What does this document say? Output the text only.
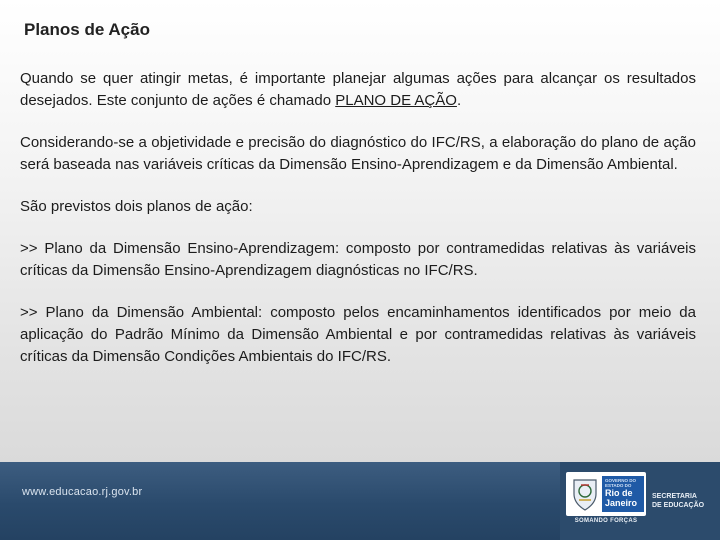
Planos de Ação

Quando se quer atingir metas, é importante planejar algumas ações para alcançar os resultados desejados. Este conjunto de ações é chamado PLANO DE AÇÃO.

Considerando-se a objetividade e precisão do diagnóstico do IFC/RS, a elaboração do plano de ação será baseada nas variáveis críticas da Dimensão Ensino-Aprendizagem e da Dimensão Ambiental.

São previstos dois planos de ação:

>> Plano da Dimensão Ensino-Aprendizagem: composto por contramedidas relativas às variáveis críticas da Dimensão Ensino-Aprendizagem diagnósticas no IFC/RS.

>> Plano da Dimensão Ambiental: composto pelos encaminhamentos identificados por meio da aplicação do Padrão Mínimo da Dimensão Ambiental e por contramedidas relativas às variáveis críticas da Dimensão Condições Ambientais do IFC/RS.

www.educacao.rj.gov.br
GOVERNO DO ESTADO DO
Rio de
Janeiro
SOMANDO FORÇAS
SECRETARIA
DE EDUCAÇÃO
